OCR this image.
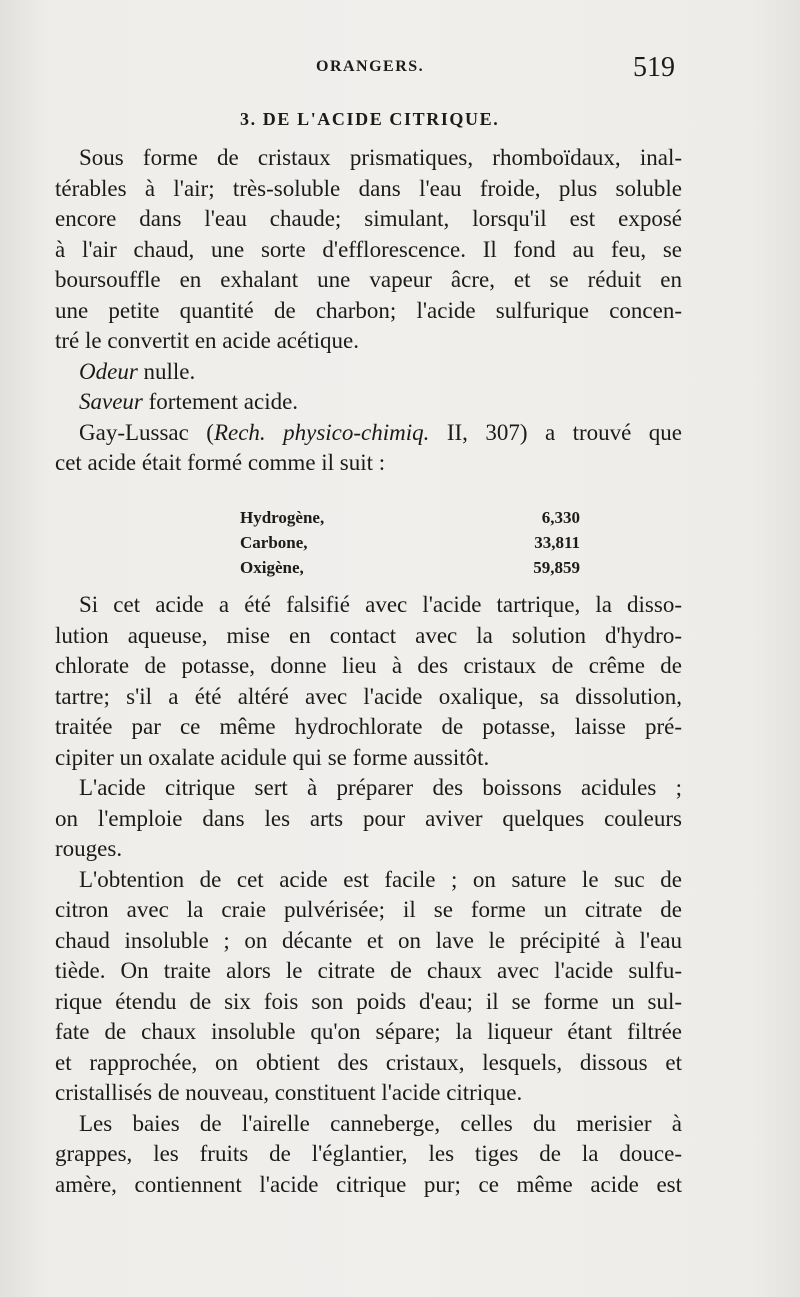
ORANGERS.	519
3. DE L'ACIDE CITRIQUE.
Sous forme de cristaux prismatiques, rhomboïdaux, inal-
térables à l'air; très-soluble dans l'eau froide, plus soluble
encore dans l'eau chaude; simulant, lorsqu'il est exposé
à l'air chaud, une sorte d'efflorescence. Il fond au feu, se
boursouffle en exhalant une vapeur âcre, et se réduit en
une petite quantité de charbon; l'acide sulfurique concen-
tré le convertit en acide acétique.
Odeur nulle.
Saveur fortement acide.
Gay-Lussac (Rech. physico-chimiq. II, 307) a trouvé que
cet acide était formé comme il suit :
Hydrogène,	6,330
Carbone,	33,811
Oxigène,	59,859
Si cet acide a été falsifié avec l'acide tartrique, la disso-
lution aqueuse, mise en contact avec la solution d'hydro-
chlorate de potasse, donne lieu à des cristaux de crême de
tartre; s'il a été altéré avec l'acide oxalique, sa dissolution,
traitée par ce même hydrochlorate de potasse, laisse pré-
cipiter un oxalate acidule qui se forme aussitôt.
L'acide citrique sert à préparer des boissons acidules ;
on l'emploie dans les arts pour aviver quelques couleurs
rouges.
L'obtention de cet acide est facile ; on sature le suc de
citron avec la craie pulvérisée; il se forme un citrate de
chaud insoluble ; on décante et on lave le précipité à l'eau
tiède. On traite alors le citrate de chaux avec l'acide sulfu-
rique étendu de six fois son poids d'eau; il se forme un sul-
fate de chaux insoluble qu'on sépare; la liqueur étant filtrée
et rapprochée, on obtient des cristaux, lesquels, dissous et
cristallisés de nouveau, constituent l'acide citrique.
Les baies de l'airelle canneberge, celles du merisier à
grappes, les fruits de l'églantier, les tiges de la douce-
amère, contiennent l'acide citrique pur; ce même acide est
